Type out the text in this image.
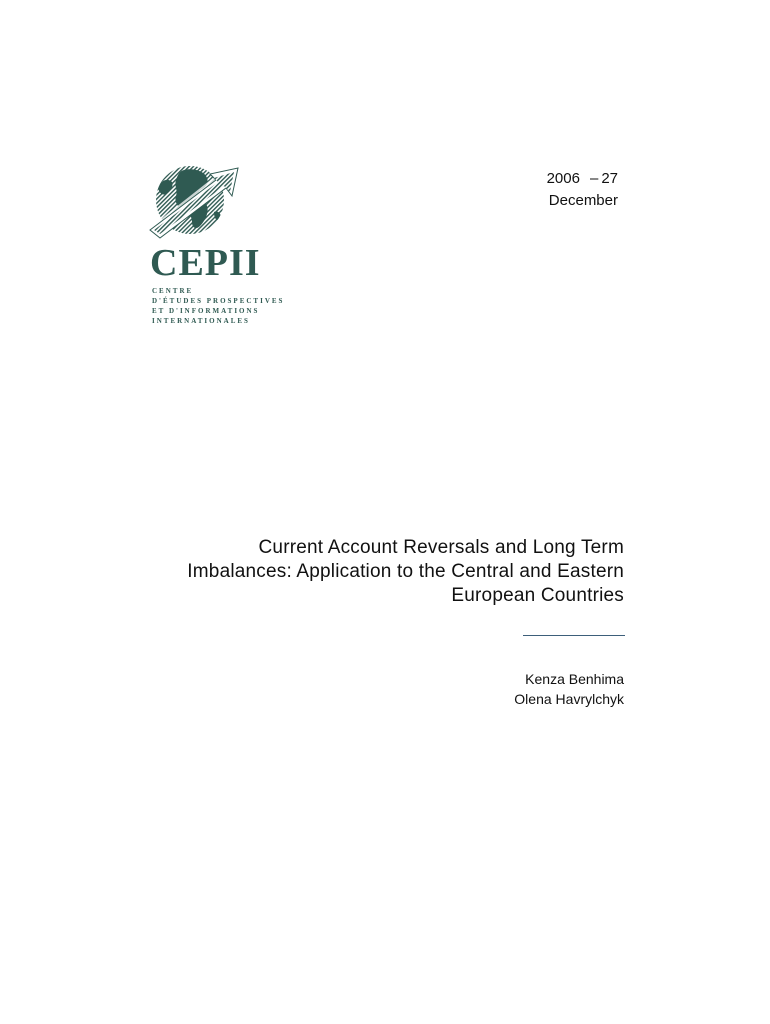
CEPII
CENTRE
D'ÉTUDES PROSPECTIVES
ET D'INFORMATIONS
INTERNATIONALES
2006 – 27
December
Current Account Reversals and Long Term
Imbalances: Application to the Central and Eastern
European Countries
Kenza Benhima
Olena Havrylchyk
